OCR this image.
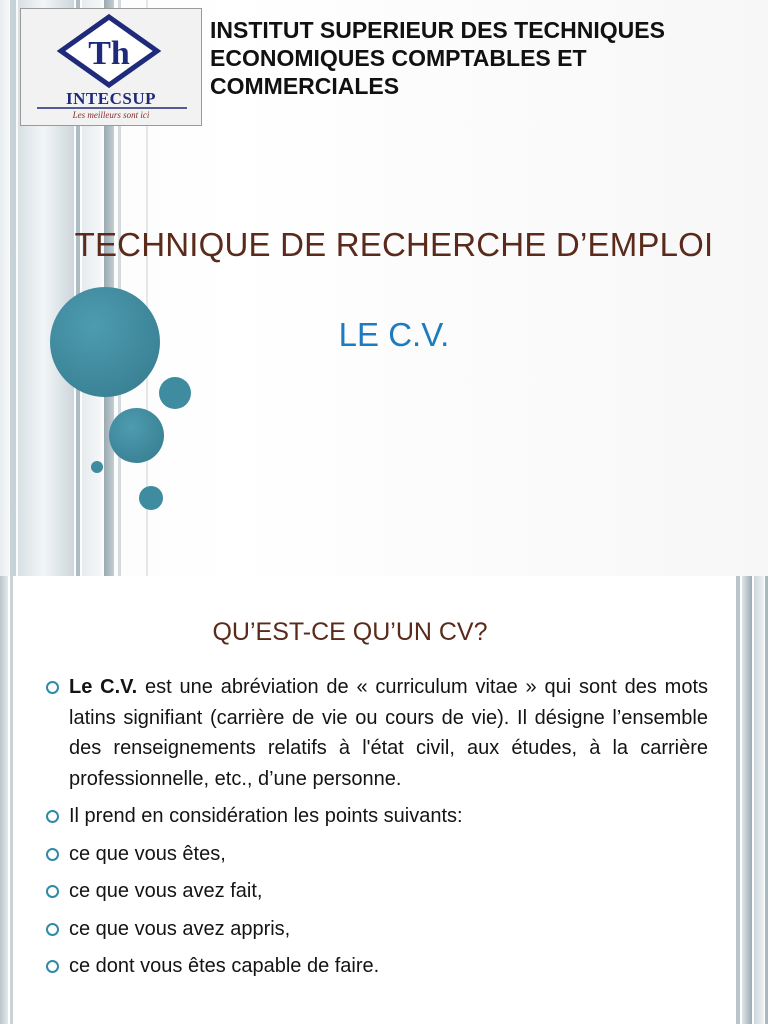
Th
INTECSUP
Les meilleurs sont ici
INSTITUT SUPERIEUR DES TECHNIQUES
ECONOMIQUES COMPTABLES ET
COMMERCIALES
TECHNIQUE DE RECHERCHE D’EMPLOI
LE C.V.
QU’EST-CE QU’UN CV?
Le C.V. est une abréviation de « curriculum vitae » qui sont des mots latins signifiant (carrière de vie ou cours de vie). Il désigne l’ensemble des renseignements relatifs à l'état civil, aux études, à la carrière professionnelle, etc., d’une personne.
Il prend en considération les points suivants:
ce que vous êtes,
ce que vous avez fait,
ce que vous avez appris,
ce dont vous êtes capable de faire.
